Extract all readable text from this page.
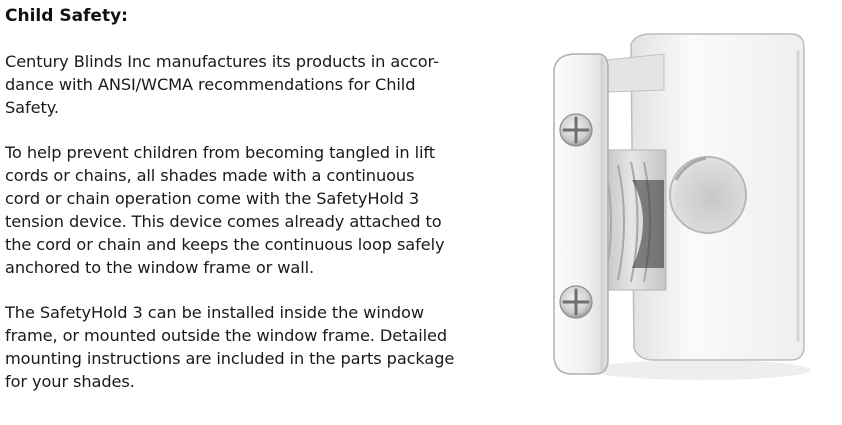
Child Safety:

Century Blinds Inc manufactures its products in accor-
dance with ANSI/WCMA recommendations for Child
Safety.

To help prevent children from becoming tangled in lift
cords or chains, all shades made with a continuous
cord or chain operation come with the SafetyHold 3
tension device. This device comes already attached to
the cord or chain and keeps the continuous loop safely
anchored to the window frame or wall.

The SafetyHold 3 can be installed inside the window
frame, or mounted outside the window frame. Detailed
mounting instructions are included in the parts package
for your shades.
